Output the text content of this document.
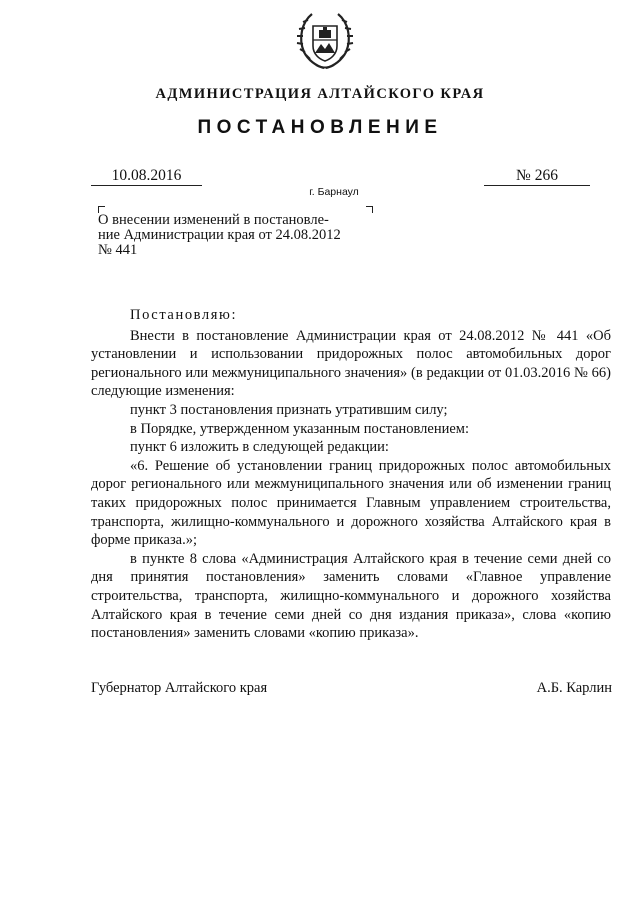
АДМИНИСТРАЦИЯ АЛТАЙСКОГО КРАЯ
ПОСТАНОВЛЕНИЕ
10.08.2016	№ 266
г. Барнаул
О внесении изменений в постановле-
ние Администрации края от 24.08.2012
№ 441

Постановляю:

Внести в постановление Администрации края от 24.08.2012 № 441 «Об установлении и использовании придорожных полос автомобильных дорог регионального или межмуниципального значения» (в редакции от 01.03.2016 № 66) следующие изменения:

пункт 3 постановления признать утратившим силу;

в Порядке, утвержденном указанным постановлением:

пункт 6 изложить в следующей редакции:

«6. Решение об установлении границ придорожных полос автомобильных дорог регионального или межмуниципального значения или об изменении границ таких придорожных полос принимается Главным управлением строительства, транспорта, жилищно-коммунального и дорожного хозяйства Алтайского края в форме приказа.»;

в пункте 8 слова «Администрация Алтайского края в течение семи дней со дня принятия постановления» заменить словами «Главное управление строительства, транспорта, жилищно-коммунального и дорожного хозяйства Алтайского края в течение семи дней со дня издания приказа», слова «копию постановления» заменить словами «копию приказа».

Губернатор Алтайского края	А.Б. Карлин
